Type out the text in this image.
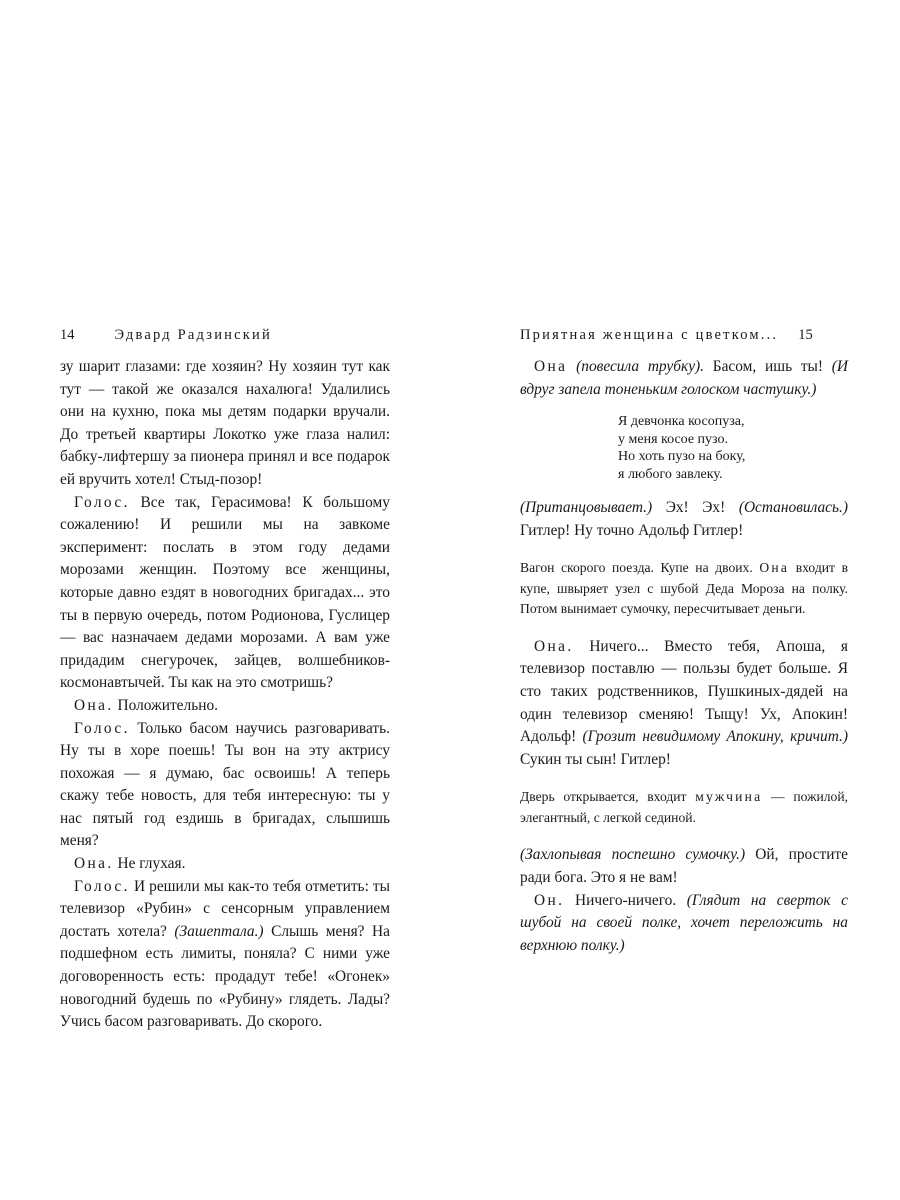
14	Эдвард Радзинский

зу шарит глазами: где хозяин? Ну хозяин тут как тут — такой же оказался нахалюга! Удалились они на кухню, пока мы детям подарки вручали. До третьей квартиры Локотко уже глаза налил: бабку-лифтершу за пионера принял и все подарок ей вручить хотел! Стыд-позор!

Голос. Все так, Герасимова! К большому сожалению! И решили мы на завкоме эксперимент: послать в этом году дедами морозами женщин. Поэтому все женщины, которые давно ездят в новогодних бригадах... это ты в первую очередь, потом Родионова, Гуслицер — вас назначаем дедами морозами. А вам уже придадим снегурочек, зайцев, волшебников-космонавтычей. Ты как на это смотришь?

Она. Положительно.

Голос. Только басом научись разговаривать. Ну ты в хоре поешь! Ты вон на эту актрису похожая — я думаю, бас освоишь! А теперь скажу тебе новость, для тебя интересную: ты у нас пятый год ездишь в бригадах, слышишь меня?

Она. Не глухая.

Голос. И решили мы как-то тебя отметить: ты телевизор «Рубин» с сенсорным управлением достать хотела? (Зашептала.) Слышь меня? На подшефном есть лимиты, поняла? С ними уже договоренность есть: продадут тебе! «Огонек» новогодний будешь по «Рубину» глядеть. Лады? Учись басом разговаривать. До скорого.

Приятная женщина с цветком... 15

Она (повесила трубку). Басом, ишь ты! (И вдруг запела тоненьким голоском частушку.)

Я девчонка косопуза,
у меня косое пузо.
Но хоть пузо на боку,
я любого завлеку.

(Пританцовывает.) Эх! Эх! (Остановилась.) Гитлер! Ну точно Адольф Гитлер!

Вагон скорого поезда. Купе на двоих. Она входит в купе, швыряет узел с шубой Деда Мороза на полку. Потом вынимает сумочку, пересчитывает деньги.

Она. Ничего... Вместо тебя, Апоша, я телевизор поставлю — пользы будет больше. Я сто таких родственников, Пушкиных-дядей на один телевизор сменяю! Тыщу! Ух, Апокин! Адольф! (Грозит невидимому Апокину, кричит.) Сукин ты сын! Гитлер!

Дверь открывается, входит мужчина — пожилой, элегантный, с легкой сединой.

(Захлопывая поспешно сумочку.) Ой, простите ради бога. Это я не вам!

Он. Ничего-ничего. (Глядит на сверток с шубой на своей полке, хочет переложить на верхнюю полку.)
